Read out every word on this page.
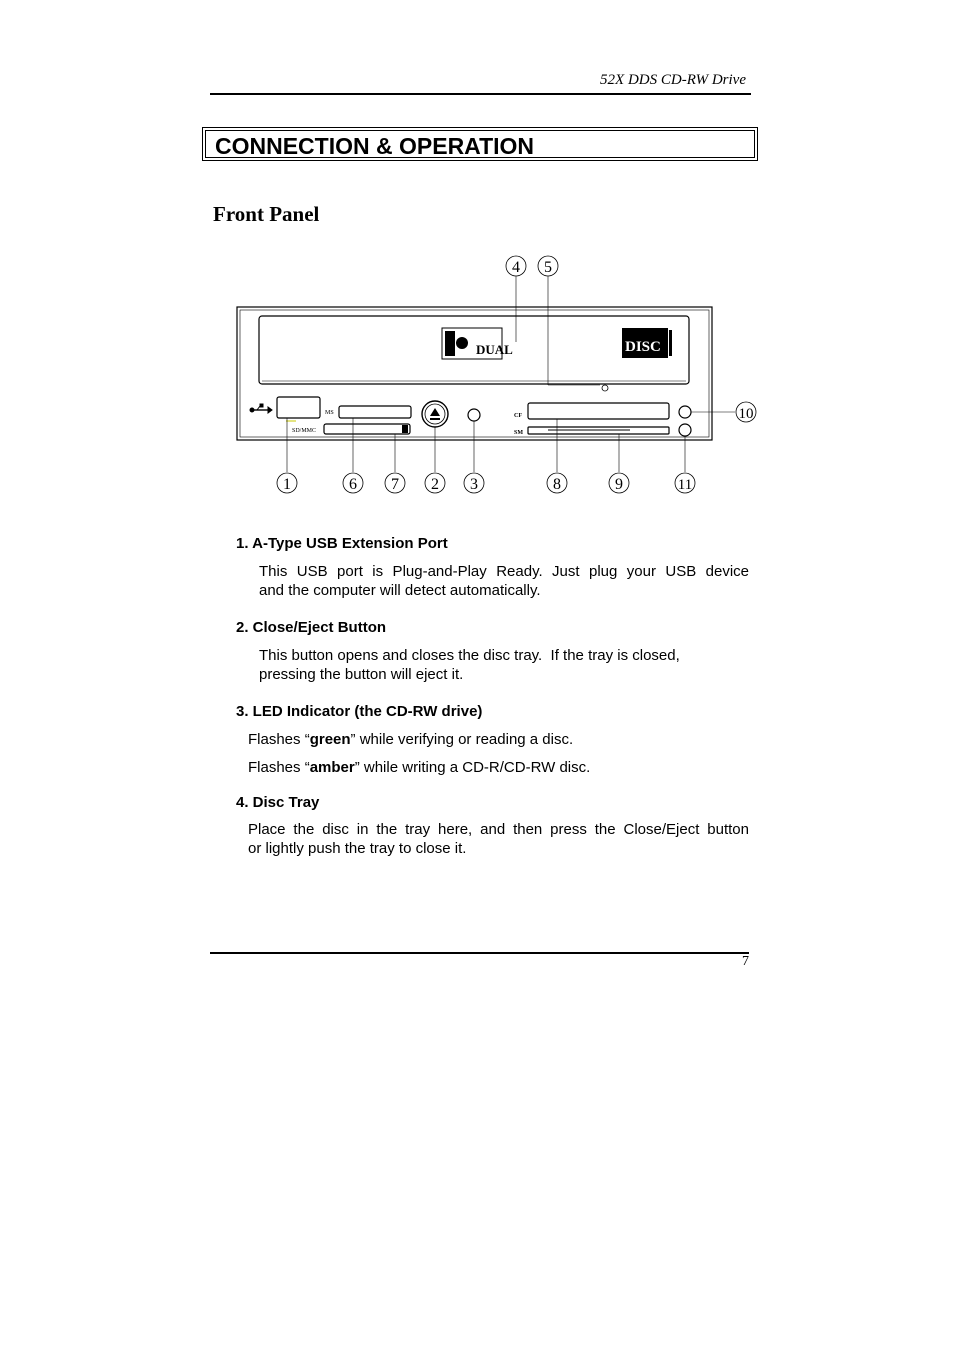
52X DDS CD-RW Drive
CONNECTION & OPERATION
Front Panel
DUAL	DISC
MS
SD/MMC
CF
SM
4 5
10
1	6 7 2 3	8	9	11
1. A-Type USB Extension Port
This USB port is Plug-and-Play Ready. Just plug your USB device
and the computer will detect automatically.
2. Close/Eject Button
This button opens and closes the disc tray.  If the tray is closed,
pressing the button will eject it.
3. LED Indicator (the CD-RW drive)
Flashes “green” while verifying or reading a disc.
Flashes “amber” while writing a CD-R/CD-RW disc.
4. Disc Tray
Place the disc in the tray here, and then press the Close/Eject button
or lightly push the tray to close it.
7
